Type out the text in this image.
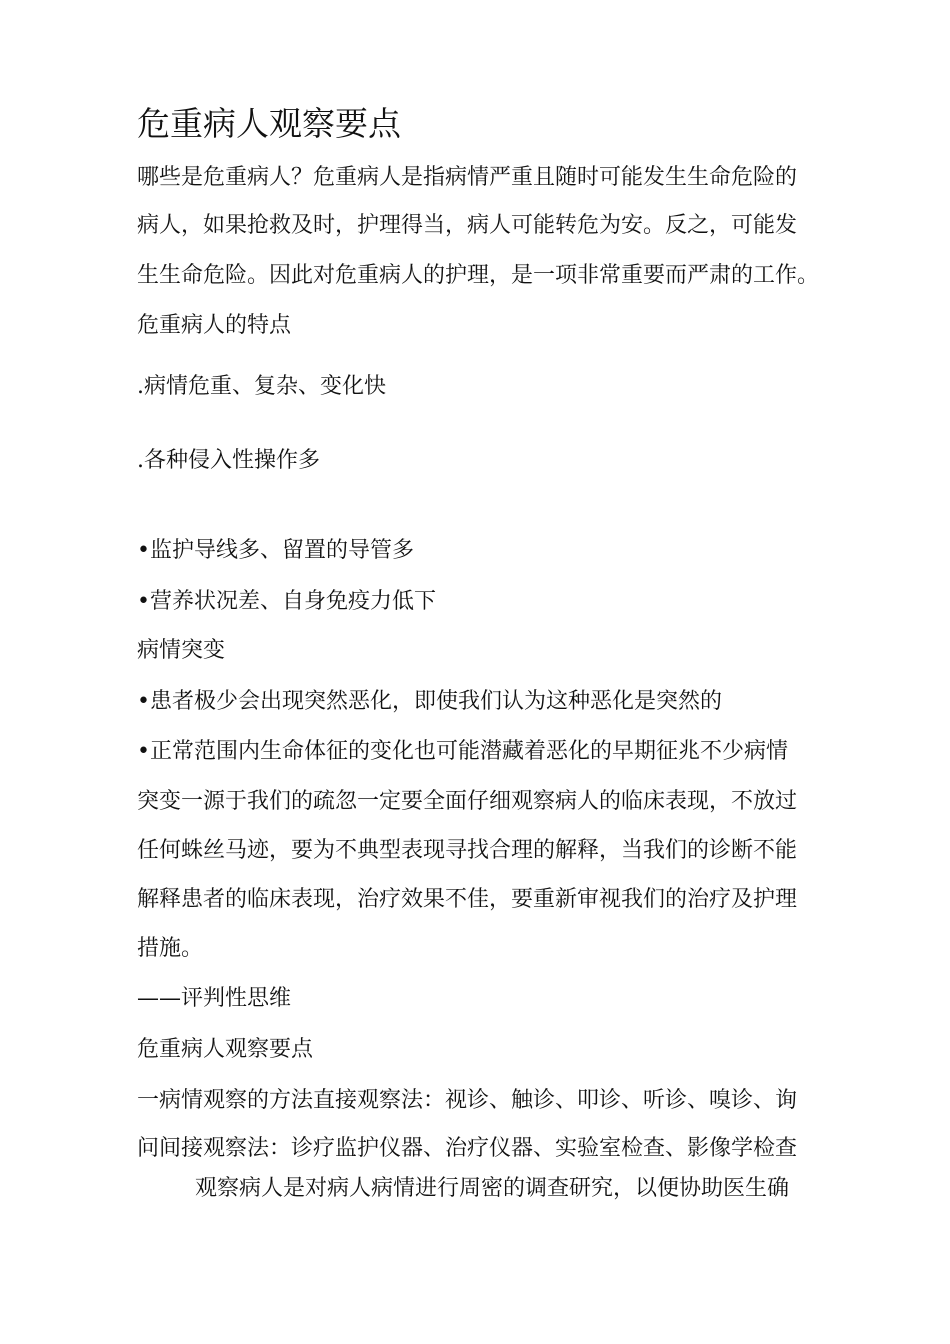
危重病人观察要点
哪些是危重病人？危重病人是指病情严重且随时可能发生生命危险的
病人，如果抢救及时，护理得当，病人可能转危为安。反之，可能发
生生命危险。因此对危重病人的护理，是一项非常重要而严肃的工作。
危重病人的特点
.病情危重、复杂、变化快
.各种侵入性操作多
•监护导线多、留置的导管多
•营养状况差、自身免疫力低下
病情突变
•患者极少会出现突然恶化，即使我们认为这种恶化是突然的
•正常范围内生命体征的变化也可能潜藏着恶化的早期征兆不少病情
突变一源于我们的疏忽一定要全面仔细观察病人的临床表现，不放过
任何蛛丝马迹，要为不典型表现寻找合理的解释，当我们的诊断不能
解释患者的临床表现，治疗效果不佳，要重新审视我们的治疗及护理
措施。
——评判性思维
危重病人观察要点
一病情观察的方法直接观察法：视诊、触诊、叩诊、听诊、嗅诊、询
问间接观察法：诊疗监护仪器、治疗仪器、实验室检查、影像学检查
观察病人是对病人病情进行周密的调查研究，以便协助医生确
